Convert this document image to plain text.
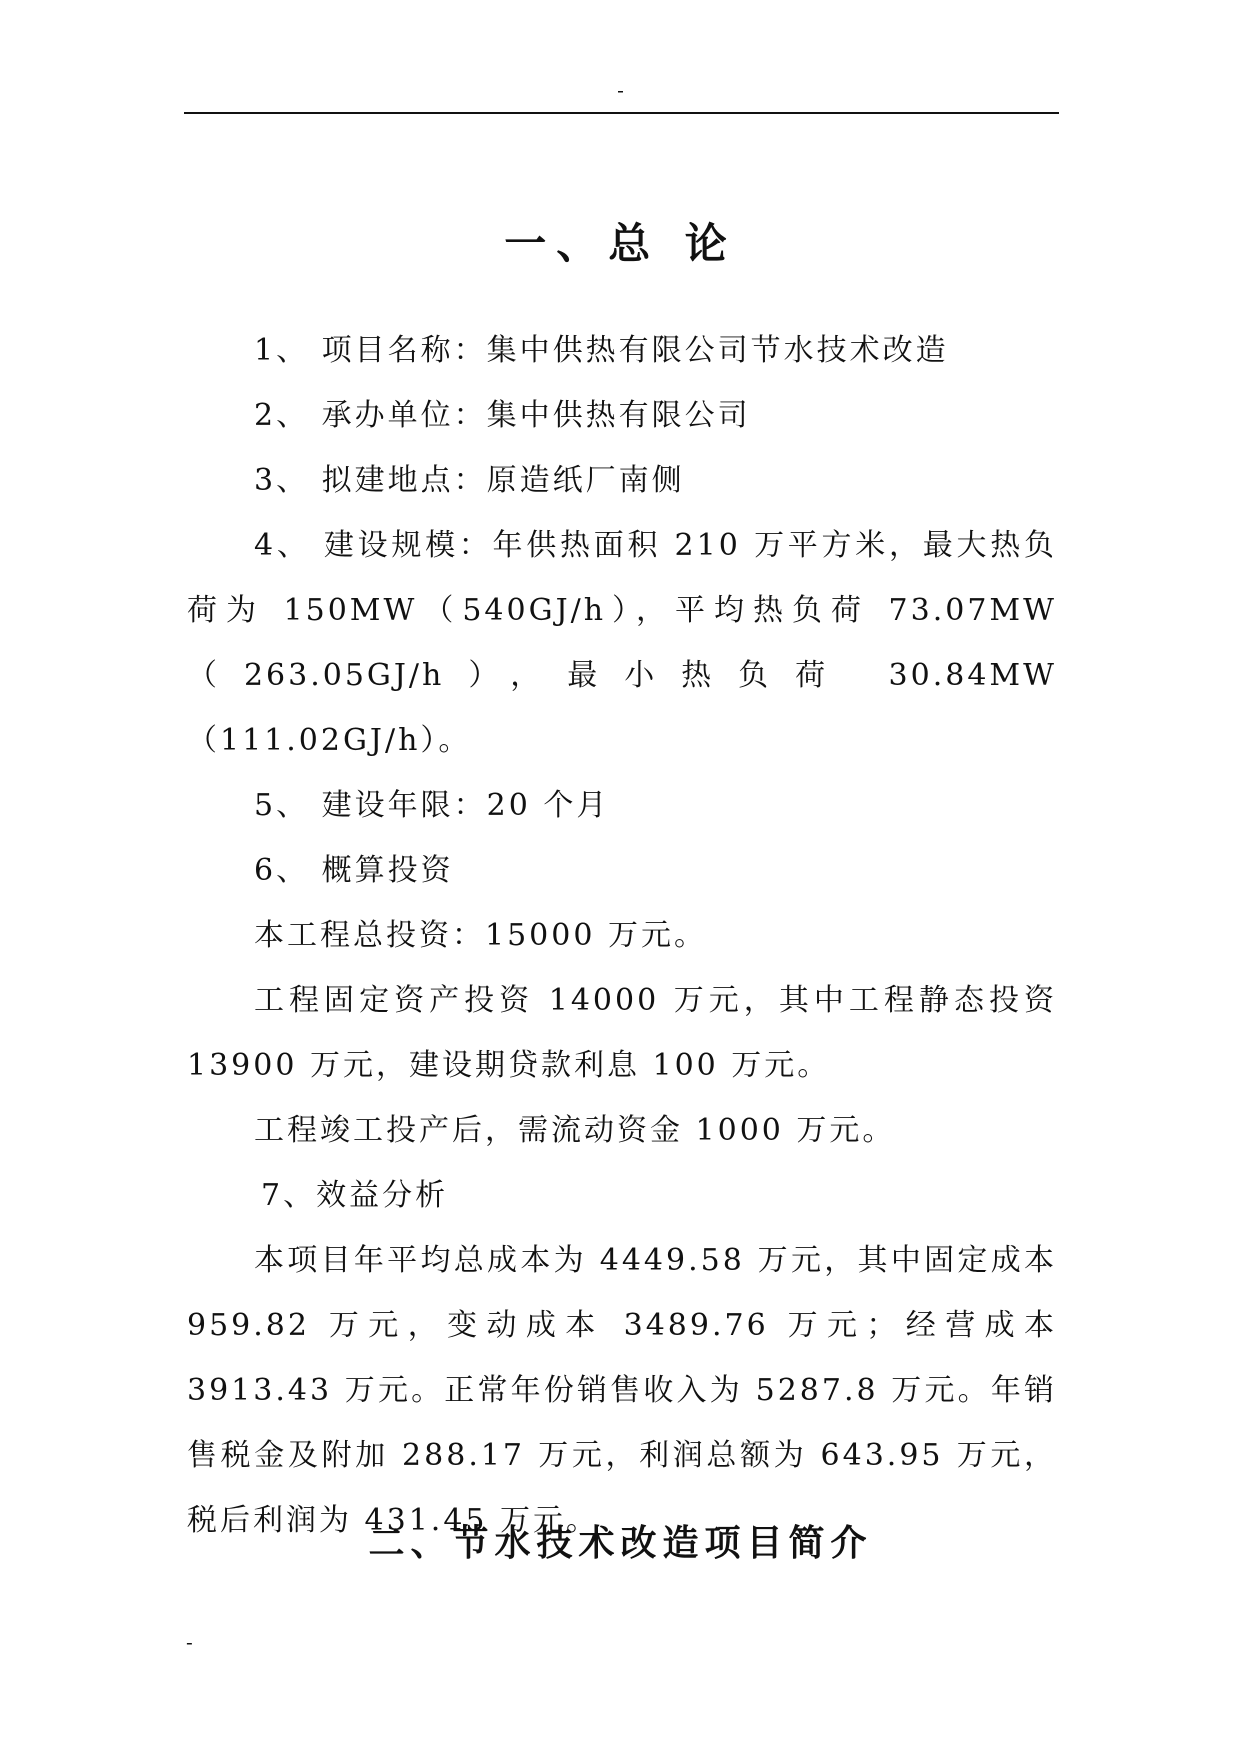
-
一、总 论

1、 项目名称：集中供热有限公司节水技术改造

2、 承办单位：集中供热有限公司

3、 拟建地点：原造纸厂南侧

4、 建设规模：年供热面积 210 万平方米，最大热负荷为 150MW（540GJ/h），平均热负荷 73.07MW（263.05GJ/h），最小热负荷 30.84MW（111.02GJ/h）。

5、 建设年限：20 个月

6、 概算投资

本工程总投资：15000 万元。

工程固定资产投资 14000 万元，其中工程静态投资 13900 万元，建设期贷款利息 100 万元。

工程竣工投产后，需流动资金 1000 万元。

7、效益分析

本项目年平均总成本为 4449.58 万元，其中固定成本 959.82 万元，变动成本 3489.76 万元；经营成本 3913.43 万元。正常年份销售收入为 5287.8 万元。年销售税金及附加 288.17 万元，利润总额为 643.95 万元，税后利润为 431.45 万元。

二、节水技术改造项目简介
-
